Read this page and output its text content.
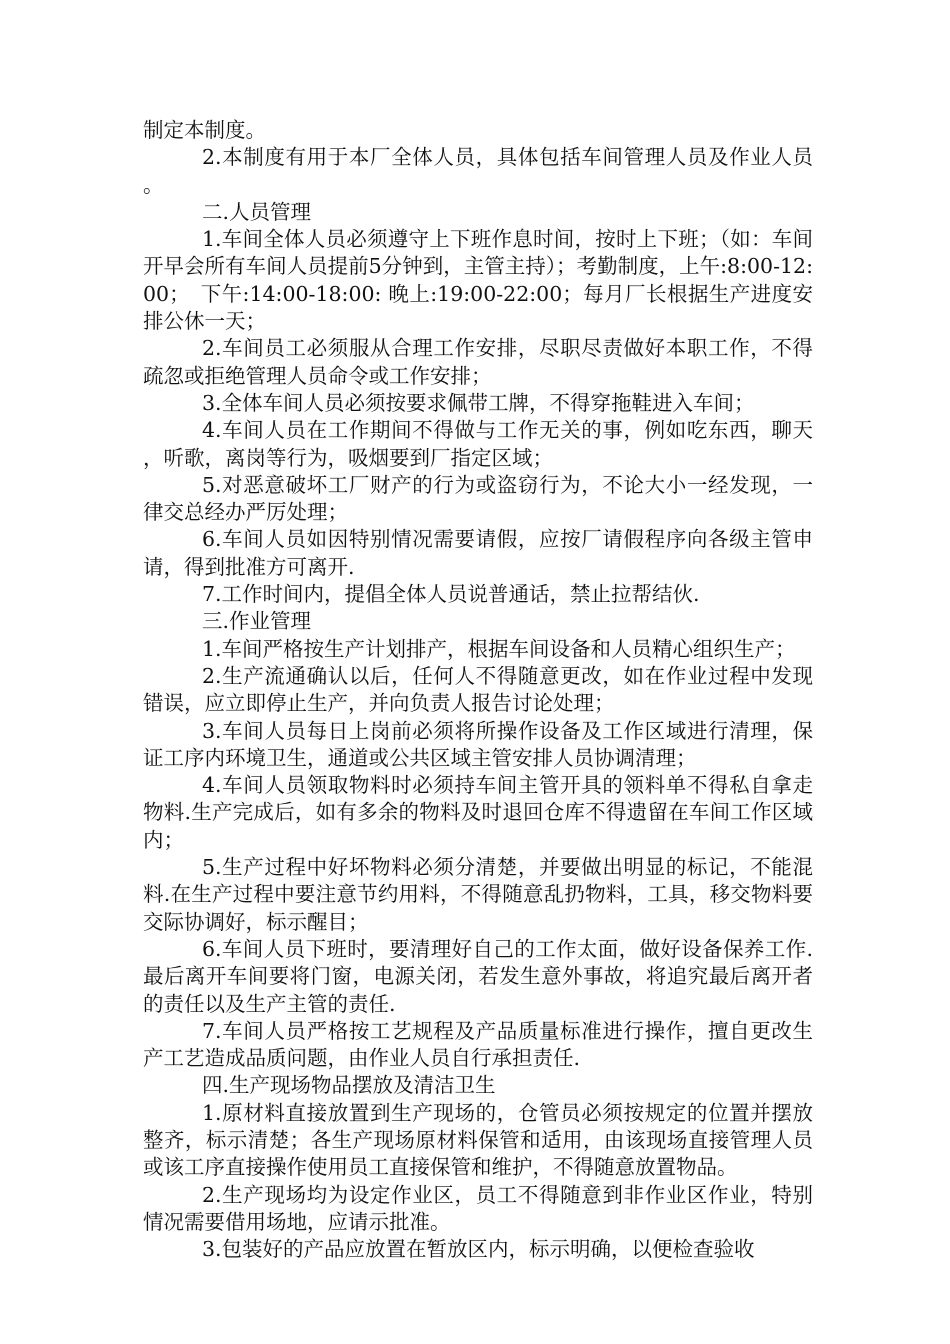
制定本制度。

2.本制度有用于本厂全体人员，具体包括车间管理人员及作业人员。

二.人员管理

1.车间全体人员必须遵守上下班作息时间，按时上下班；（如：车间开早会所有车间人员提前5分钟到，主管主持）；考勤制度，上午:8:00-12:00；　下午:14:00-18:00: 晚上:19:00-22:00；每月厂长根据生产进度安排公休一天；

2.车间员工必须服从合理工作安排，尽职尽责做好本职工作，不得疏忽或拒绝管理人员命令或工作安排；

3.全体车间人员必须按要求佩带工牌，不得穿拖鞋进入车间；

4.车间人员在工作期间不得做与工作无关的事，例如吃东西，聊天，听歌，离岗等行为，吸烟要到厂指定区域；

5.对恶意破坏工厂财产的行为或盗窃行为，不论大小一经发现，一律交总经办严厉处理；

6.车间人员如因特别情况需要请假，应按厂请假程序向各级主管申请，得到批准方可离开.

7.工作时间内，提倡全体人员说普通话，禁止拉帮结伙.

三.作业管理

1.车间严格按生产计划排产，根据车间设备和人员精心组织生产；

2.生产流通确认以后，任何人不得随意更改，如在作业过程中发现错误，应立即停止生产，并向负责人报告讨论处理；

3.车间人员每日上岗前必须将所操作设备及工作区域进行清理，保证工序内环境卫生，通道或公共区域主管安排人员协调清理；

4.车间人员领取物料时必须持车间主管开具的领料单不得私自拿走物料.生产完成后，如有多余的物料及时退回仓库不得遗留在车间工作区域内；

5.生产过程中好坏物料必须分清楚，并要做出明显的标记，不能混料.在生产过程中要注意节约用料，不得随意乱扔物料，工具，移交物料要交际协调好，标示醒目；

6.车间人员下班时，要清理好自己的工作太面，做好设备保养工作.最后离开车间要将门窗，电源关闭，若发生意外事故，将追究最后离开者的责任以及生产主管的责任.

7.车间人员严格按工艺规程及产品质量标准进行操作，擅自更改生产工艺造成品质问题，由作业人员自行承担责任.

四.生产现场物品摆放及清洁卫生

1.原材料直接放置到生产现场的，仓管员必须按规定的位置并摆放整齐，标示清楚；各生产现场原材料保管和适用，由该现场直接管理人员或该工序直接操作使用员工直接保管和维护，不得随意放置物品。

2.生产现场均为设定作业区，员工不得随意到非作业区作业，特别情况需要借用场地，应请示批准。

3.包装好的产品应放置在暂放区内，标示明确，以便检查验收
